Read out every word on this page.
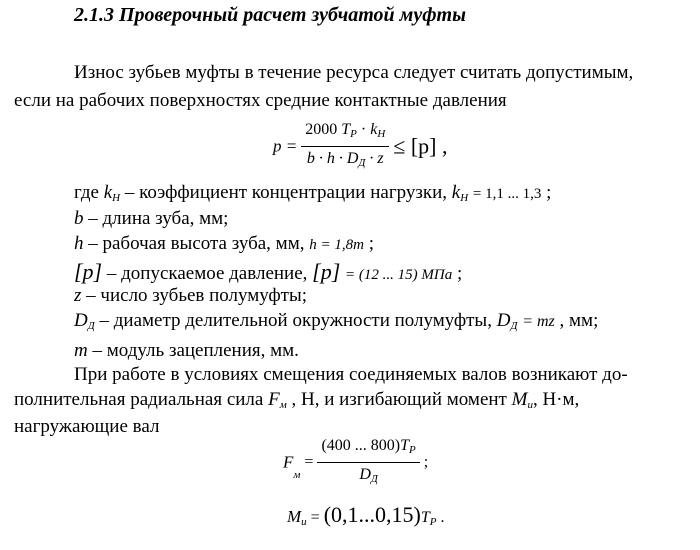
2.1.3 Проверочный расчет зубчатой муфты
Износ зубьев муфты в течение ресурса следует считать допустимым,
если на рабочих поверхностях средние контактные давления
$p = \frac{2000 T_P \cdot k_H}{b \cdot h \cdot D_Д \cdot z} \le [p]$ ,
где $k_H$ – коэффициент концентрации нагрузки, $k_H = 1,1$ ... 1,3 ;
b – длина зуба, мм;
h – рабочая высота зуба, мм, h = 1,8m ;
[p] – допускаемое давление, [p] = (12 ... 15) МПа ;
z – число зубьев полумуфты;
$D_Д$ – диаметр делительной окружности полумуфты, $D_Д$ = mz , мм;
m – модуль зацепления, мм.
При работе в условиях смещения соединяемых валов возникают до-
полнительная радиальная сила $F_м$ , Н, и изгибающий момент $M_u$, Н·м,
нагружающие вал
$F_м = \frac{(400 ... 800)T_P}{D_Д}$ ;
$M_u = (0,1...0,15)T_P$ .
